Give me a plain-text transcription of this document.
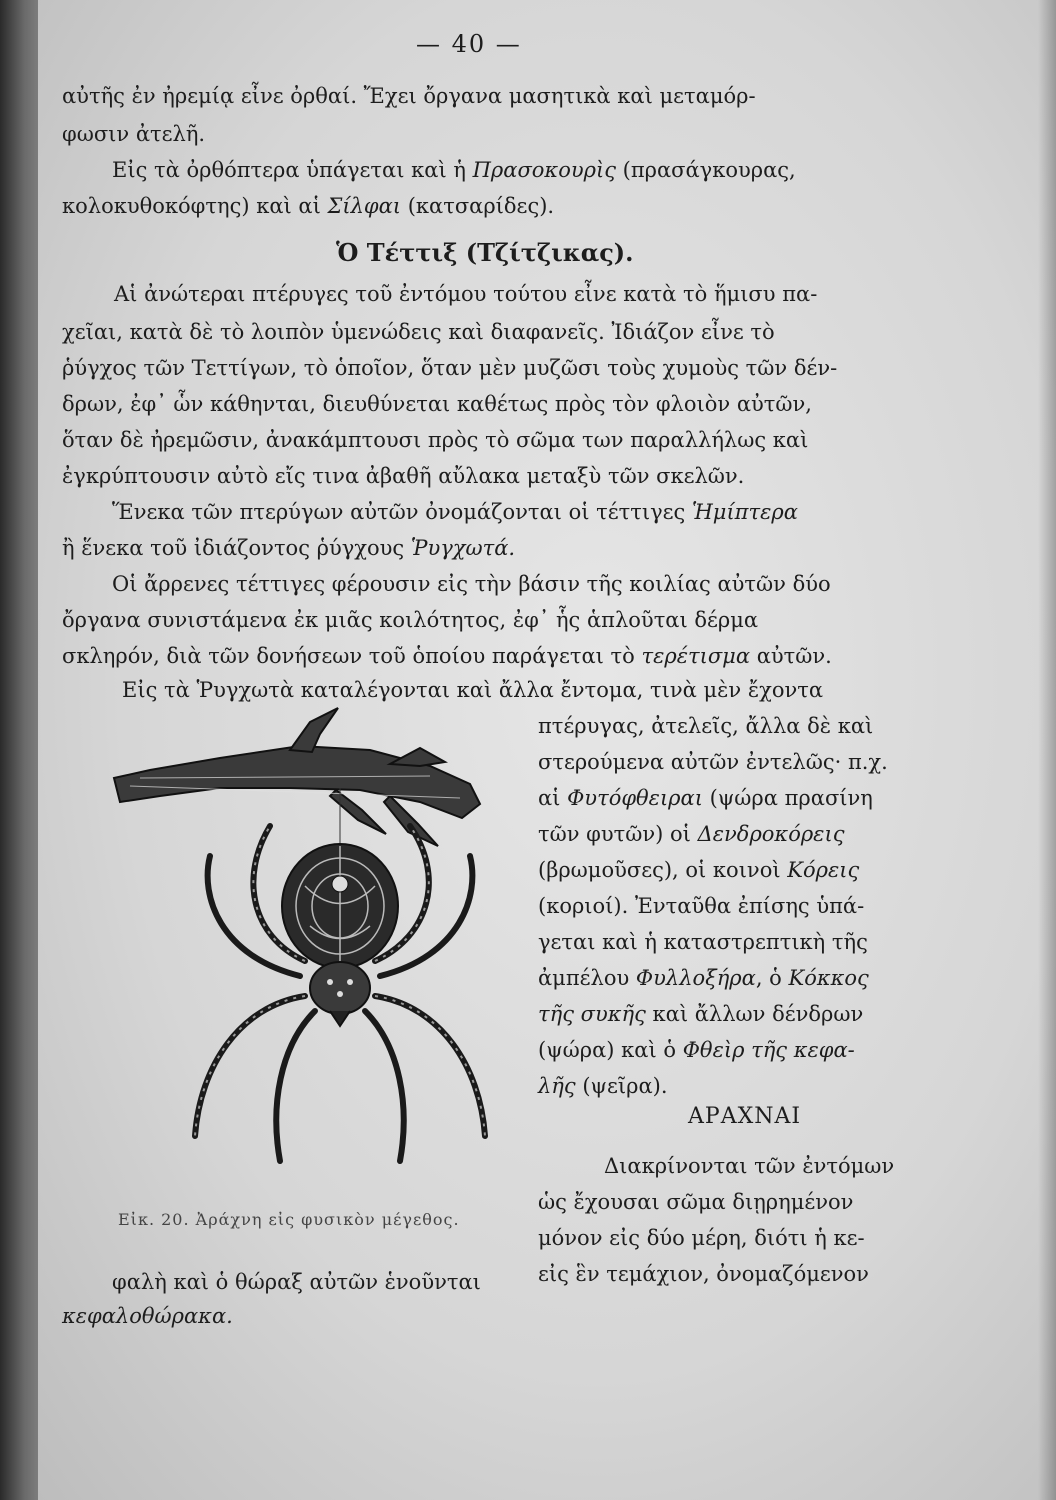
— 40 —
αὐτῆς ἐν ἠρεμίᾳ εἶνε ὀρθαί. Ἔχει ὄργανα μασητικὰ καὶ μεταμόρ-
φωσιν ἀτελῆ.
Εἰς τὰ ὀρθόπτερα ὑπάγεται καὶ ἡ Πρασοκουρὶς (πρασάγκουρας,
κολοκυθοκόφτης) καὶ αἱ Σίλφαι (κατσαρίδες).
Ὁ Τέττιξ (Τζίτζικας).
Αἱ ἀνώτεραι πτέρυγες τοῦ ἐντόμου τούτου εἶνε κατὰ τὸ ἥμισυ πα-
χεῖαι, κατὰ δὲ τὸ λοιπὸν ὑμενώδεις καὶ διαφανεῖς. Ἰδιάζον εἶνε τὸ
ῥύγχος τῶν Τεττίγων, τὸ ὁποῖον, ὅταν μὲν μυζῶσι τοὺς χυμοὺς τῶν δέν-
δρων, ἐφ᾽ ὧν κάθηνται, διευθύνεται καθέτως πρὸς τὸν φλοιὸν αὐτῶν,
ὅταν δὲ ἠρεμῶσιν, ἀνακάμπτουσι πρὸς τὸ σῶμα των παραλλήλως καὶ
ἐγκρύπτουσιν αὐτὸ εἴς τινα ἀβαθῆ αὔλακα μεταξὺ τῶν σκελῶν.
Ἕνεκα τῶν πτερύγων αὐτῶν ὀνομάζονται οἱ τέττιγες Ἡμίπτερα
ἢ ἕνεκα τοῦ ἰδιάζοντος ῥύγχους Ῥυγχωτά.
Οἱ ἄρρενες τέττιγες φέρουσιν εἰς τὴν βάσιν τῆς κοιλίας αὐτῶν δύο
ὄργανα συνιστάμενα ἐκ μιᾶς κοιλότητος, ἐφ᾽ ἧς ἁπλοῦται δέρμα
σκληρόν, διὰ τῶν δονήσεων τοῦ ὁποίου παράγεται τὸ τερέτισμα αὐτῶν.
Εἰς τὰ Ῥυγχωτὰ καταλέγονται καὶ ἄλλα ἔντομα, τινὰ μὲν ἔχοντα
πτέρυγας, ἀτελεῖς, ἄλλα δὲ καὶ
στερούμενα αὐτῶν ἐντελῶς· π.χ.
αἱ Φυτόφθειραι (ψώρα πρασίνη
τῶν φυτῶν) οἱ Δενδροκόρεις
(βρωμοῦσες), οἱ κοινοὶ Κόρεις
(κοριοί). Ἐνταῦθα ἐπίσης ὑπά-
γεται καὶ ἡ καταστρεπτικὴ τῆς
ἀμπέλου Φυλλοξήρα, ὁ Κόκκος
τῆς συκῆς καὶ ἄλλων δένδρων
(ψώρα) καὶ ὁ Φθεὶρ τῆς κεφα-
λῆς (ψεῖρα).
ΑΡΑΧΝΑΙ
Διακρίνονται τῶν ἐντόμων
ὡς ἔχουσαι σῶμα διῃρημένον
μόνον εἰς δύο μέρη, διότι ἡ κε-
εἰς ἓν τεμάχιον, ὀνομαζόμενον
Εἰκ. 20. Ἀράχνη εἰς φυσικὸν μέγεθος.
φαλὴ καὶ ὁ θώραξ αὐτῶν ἑνοῦνται
κεφαλοθώρακα.
